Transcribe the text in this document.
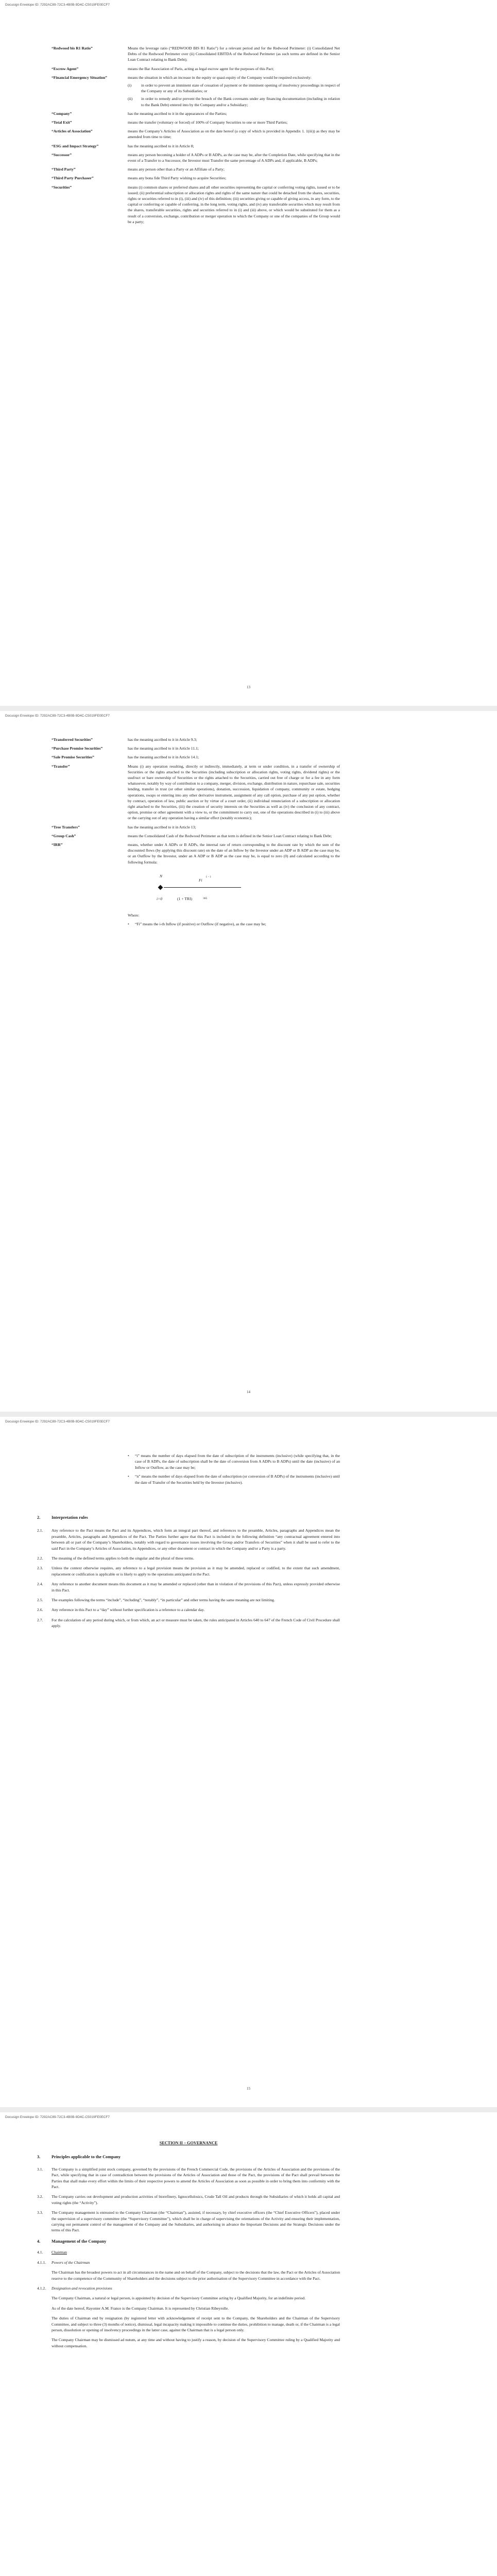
Docusign Envelope ID: 7292AC89-72C3-4B0B-9D4C-C5019FE0ECF7
“Redwood bis R1 Ratio”	Means the leverage ratio (“REDWOOD BIS R1 Ratio”) for a relevant period and for the Redwood Perimeter: (i) Consolidated Net Debts of the Redwood Perimeter over (ii) Consolidated EBITDA of the Redwood Perimeter (as such terms are defined in the Senior Loan Contract relating to Bank Debt);
“Escrow Agent”	means the Bar Association of Paris, acting as legal escrow agent for the purposes of this Pact;
“Financial Emergency Situation”	means the situation in which an increase in the equity or quasi-equity of the Company would be required exclusively:
(i)	in order to prevent an imminent state of cessation of payment or the imminent opening of insolvency proceedings in respect of the Company or any of its Subsidiaries; or
(ii)	in order to remedy and/or prevent the breach of the Bank covenants under any financing documentation (including in relation to the Bank Debt) entered into by the Company and/or a Subsidiary;
“Company”	has the meaning ascribed to it in the appearances of the Parties;
“Total Exit”	means the transfer (voluntary or forced) of 100% of Company Securities to one or more Third Parties;
“Articles of Association”	means the Company’s Articles of Association as on the date hereof (a copy of which is provided in Appendix 1. 1(iii)) as they may be amended from time to time;
“ESG and Impact Strategy”	has the meaning ascribed to it in Article 8;
“Successor”	means any person becoming a holder of A ADPs or B ADPs, as the case may be, after the Completion Date, while specifying that in the event of a Transfer to a Successor, the Investor must Transfer the same percentage of A ADPs and, if applicable, B ADPs;
“Third Party”	means any person other than a Party or an Affiliate of a Party;
“Third Party Purchaser”	means any bona fide Third Party wishing to acquire Securities;
“Securities”	means (i) common shares or preferred shares and all other securities representing the capital or conferring voting rights, issued or to be issued; (ii) preferential subscription or allocation rights and rights of the same nature that could be detached from the shares, securities, rights or securities referred to in (i), (iii) and (iv) of this definition; (iii) securities giving or capable of giving access, in any form, to the capital or conferring or capable of conferring, in the long term, voting rights, and (iv) any transferable securities which may result from the shares, transferable securities, rights and securities referred to in (i) and (iii) above, or which would be substituted for them as a result of a conversion, exchange, contribution or merger operation to which the Company or one of the companies of the Group would be a party;
13
Docusign Envelope ID: 7292AC89-72C3-4B0B-9D4C-C5019FE0ECF7
“Transferred Securities”	has the meaning ascribed to it in Article 9.3;
“Purchase Promise Securities”	has the meaning ascribed to it in Article 11.1;
“Sale Promise Securities”	has the meaning ascribed to it in Article 14.1;
“Transfer”	Means (i) any operation resulting, directly or indirectly, immediately, at term or under condition, in a transfer of ownership of Securities or the rights attached to the Securities (including subscription or allocation rights, voting rights, dividend rights) or the usufruct or bare ownership of Securities or the rights attached to the Securities, carried out free of charge or for a fee in any form whatsoever, notably by way of contribution to a company, merger, division, exchange, distribution in nature, repurchase sale, securities lending, transfer in trust (or other similar operations), donation, succession, liquidation of company, community or estate, hedging operations, swaps or entering into any other derivative instrument, assignment of any call option, purchase of any put option, whether by contract, operation of law, public auction or by virtue of a court order, (ii) individual renunciation of a subscription or allocation right attached to the Securities, (iii) the creation of security interests on the Securities as well as (iv) the conclusion of any contract, option, promise or other agreement with a view to, or the commitment to carry out, one of the operations described in (i) to (iii) above or the carrying out of any operation having a similar effect (notably economic);
“Tree Transfers”	has the meaning ascribed to it in Article 13;
“Group Cash”	means the Consolidated Cash of the Redwood Perimeter as that term is defined in the Senior Loan Contract relating to Bank Debt;
“IRR”	means, whether under A ADPs or B ADPs, the internal rate of return corresponding to the discount rate by which the sum of the discounted flows (by applying this discount rate) on the date of an Inflow by the Investor under an ADP or B ADP as the case may be, or an Outflow by the Investor, under an A ADP or B ADP as the case may be, is equal to zero (0) and calculated according to the following formula:
N
i=0
Fi
( − )
(1 + TRI)	365
Where:
•	“Fi” means the i-th Inflow (if positive) or Outflow (if negative), as the case may be;
14
Docusign Envelope ID: 7292AC89-72C3-4B0B-9D4C-C5019FE0ECF7
•	“i” means the number of days elapsed from the date of subscription of the instruments (inclusive) (while specifying that, in the case of B ADPs, the date of subscription shall be the date of conversion from A ADPs to B ADPs) until the date (inclusive) of an Inflow or Outflow, as the case may be;
•	“n” means the number of days elapsed from the date of subscription (or conversion of B ADPs) of the instruments (inclusive) until the date of Transfer of the Securities held by the Investor (inclusive).
2.	Interpretation rules
2.1.	Any reference to the Pact means the Pact and its Appendices, which form an integral part thereof, and references to the preamble, Articles, paragraphs and Appendices mean the preamble, Articles, paragraphs and Appendices of the Pact. The Parties further agree that this Pact is included in the following definition “any contractual agreement entered into between all or part of the Company’s Shareholders, notably with regard to governance issues involving the Group and/or Transfers of Securities” when it shall be used to refer to the said Pact in the Company’s Articles of Association, its Appendices, or any other document or contract in which the Company and/or a Party is a party.
2.2.	The meaning of the defined terms applies to both the singular and the plural of these terms.
2.3.	Unless the context otherwise requires, any reference to a legal provision means the provision as it may be amended, replaced or codified, to the extent that such amendment, replacement or codification is applicable or is likely to apply to the operations anticipated in the Pact.
2.4.	Any reference to another document means this document as it may be amended or replaced (other than in violation of the provisions of this Pact), unless expressly provided otherwise in this Pact.
2.5.	The examples following the terms “include”, “including”, “notably”, “in particular” and other terms having the same meaning are not limiting.
2.6.	Any reference in this Pact to a “day” without further specification is a reference to a calendar day.
2.7.	For the calculation of any period during which, or from which, an act or measure must be taken, the rules anticipated in Articles 640 to 647 of the French Code of Civil Procedure shall apply.
15
Docusign Envelope ID: 7292AC89-72C3-4B0B-9D4C-C5019FE0ECF7
SECTION II – GOVERNANCE
3.	Principles applicable to the Company
3.1.	The Company is a simplified joint stock company, governed by the provisions of the French Commercial Code, the provisions of the Articles of Association and the provisions of the Pact, while specifying that in case of contradiction between the provisions of the Articles of Association and those of the Pact, the provisions of the Pact shall prevail between the Parties that shall make every effort within the limits of their respective powers to amend the Articles of Association as soon as possible in order to bring them into conformity with the Pact.
3.2.	The Company carries out development and production activities of biorefinery, lignocellulosics, Crude Tall Oil and products through the Subsidiaries of which it holds all capital and voting rights (the “Activity”).
3.3.	The Company management is entrusted to the Company Chairman (the “Chairman”), assisted, if necessary, by chief executive officers (the “Chief Executive Officers”), placed under the supervision of a supervisory committee (the “Supervisory Committee”), which shall be in charge of supervising the orientations of the Activity and ensuring their implementation, carrying out permanent control of the management of the Company and the Subsidiaries, and authorising in advance the Important Decisions and the Strategic Decisions under the terms of this Pact.
4.	Management of the Company
4.1.	Chairman
4.1.1.	Powers of the Chairman
The Chairman has the broadest powers to act in all circumstances in the name and on behalf of the Company, subject to the decisions that the law, the Pact or the Articles of Association reserve to the competence of the Community of Shareholders and the decisions subject to the prior authorisation of the Supervisory Committee in accordance with the Pact.
4.1.2.	Designation and revocation provisions
The Company Chairman, a natural or legal person, is appointed by decision of the Supervisory Committee acting by a Qualified Majority, for an indefinite period.
As of the date hereof, Rayonier A.M. France is the Company Chairman. It is represented by Christian Ribeyrolle.
The duties of Chairman end by resignation (by registered letter with acknowledgement of receipt sent to the Company, the Shareholders and the Chairman of the Supervisory Committee, and subject to three (3) months of notice), dismissal, legal incapacity making it impossible to continue the duties, prohibition to manage, death or, if the Chairman is a legal person, dissolution or opening of insolvency proceedings in the latter case, against the Chairman that is a legal person only.
The Company Chairman may be dismissed ad nutum, at any time and without having to justify a reason, by decision of the Supervisory Committee ruling by a Qualified Majority and without compensation.
